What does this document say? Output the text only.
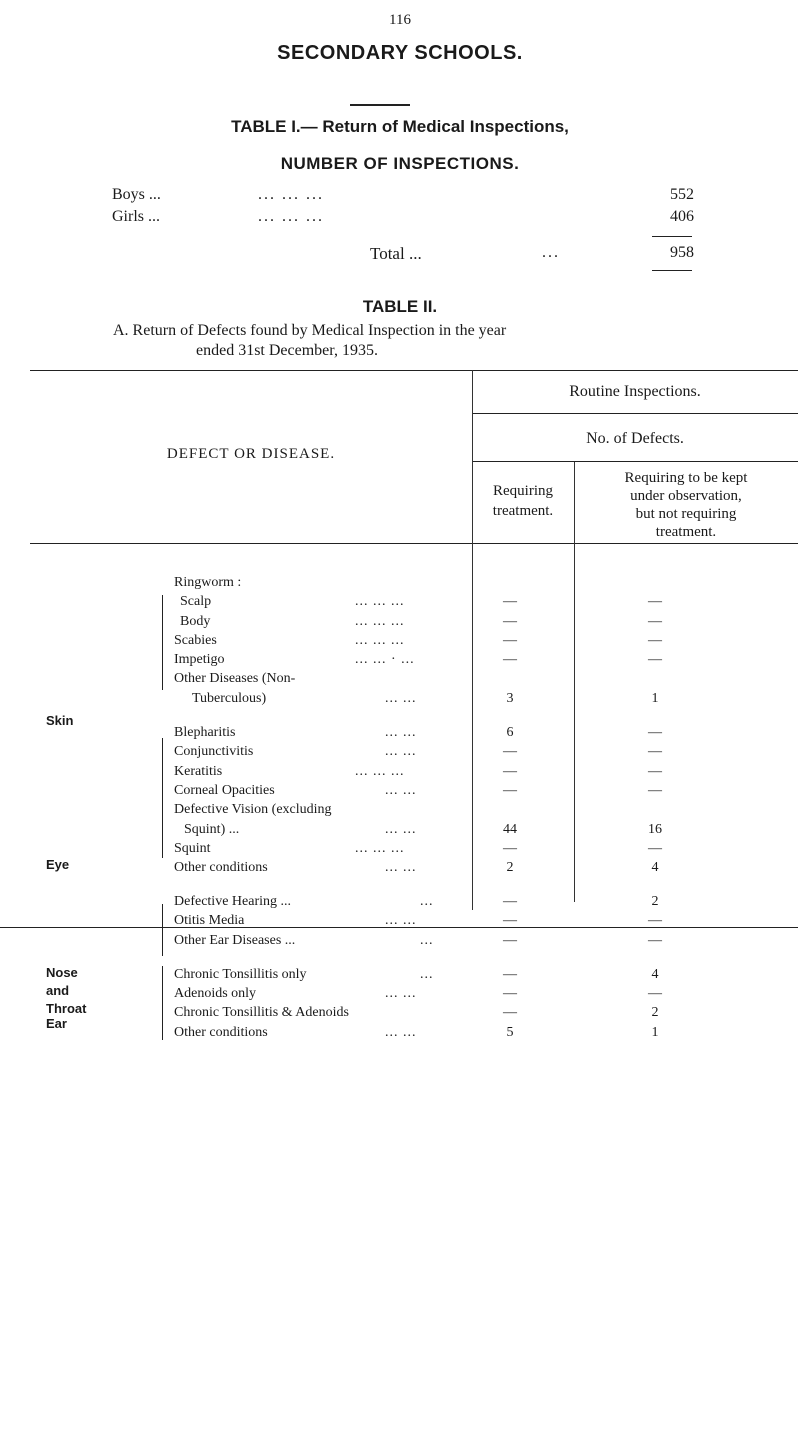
116
SECONDARY SCHOOLS.
TABLE I.— Return of Medical Inspections,
NUMBER OF INSPECTIONS.
Boys ...	... ... ...	552
Girls ...	... ... ...	406
Total ...	...	958
TABLE II.
A. Return of Defects found by Medical Inspection in the year
ended 31st December, 1935.
DEFECT OR DISEASE.
Routine Inspections.
No. of Defects.
Requiring
treatment.
Requiring to be kept
under observation,
but not requiring
treatment.
Skin
Ringworm :
Scalp	... ... ...	—	—
Body	... ... ...	—	—
Scabies	... ... ...	—	—
Impetigo	... ... · ...	—	—
Other Diseases (Non-
Tuberculous)	... ...	3	1
Eye
Blepharitis	... ...	6	—
Conjunctivitis	... ...	—	—
Keratitis	... ... ...	—	—
Corneal Opacities	... ...	—	—
Defective Vision (excluding
Squint) ...	... ...	44	16
Squint	... ... ...	—	—
Other conditions	... ...	2	4
Ear
Defective Hearing ...	...	—	2
Otitis Media	... ...	—	—
Other Ear Diseases ...	...	—	—
Nose
and
Throat
Chronic Tonsillitis only	...	—	4
Adenoids only	... ...	—	—
Chronic Tonsillitis & Adenoids	—	2
Other conditions	... ...	5	1
